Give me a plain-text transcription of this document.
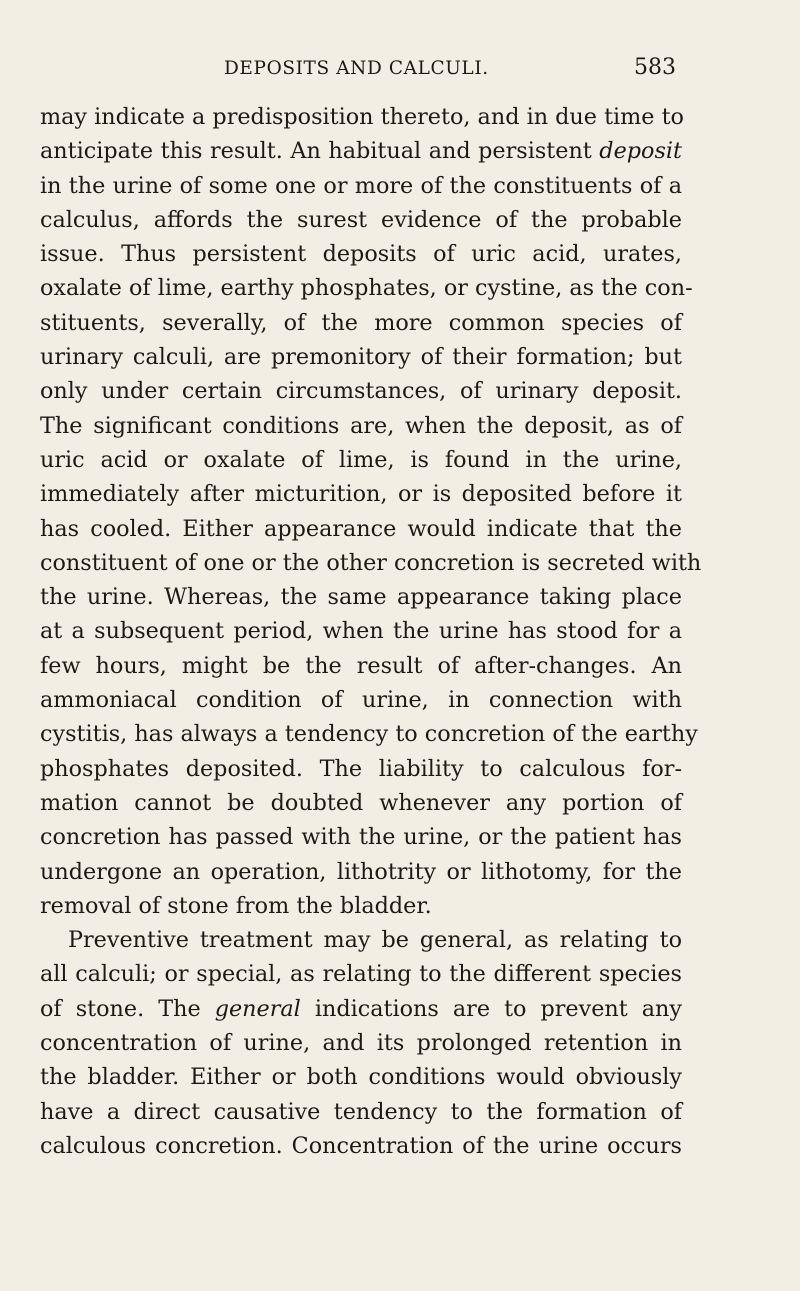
DEPOSITS AND CALCULI.	583
may indicate a predisposition thereto, and in due time to
anticipate this result. An habitual and persistent deposit
in the urine of some one or more of the constituents of a
calculus, affords the surest evidence of the probable
issue. Thus persistent deposits of uric acid, urates,
oxalate of lime, earthy phosphates, or cystine, as the con-
stituents, severally, of the more common species of
urinary calculi, are premonitory of their formation; but
only under certain circumstances, of urinary deposit.
The significant conditions are, when the deposit, as of
uric acid or oxalate of lime, is found in the urine,
immediately after micturition, or is deposited before it
has cooled. Either appearance would indicate that the
constituent of one or the other concretion is secreted with
the urine. Whereas, the same appearance taking place
at a subsequent period, when the urine has stood for a
few hours, might be the result of after-changes. An
ammoniacal condition of urine, in connection with
cystitis, has always a tendency to concretion of the earthy
phosphates deposited. The liability to calculous for-
mation cannot be doubted whenever any portion of
concretion has passed with the urine, or the patient has
undergone an operation, lithotrity or lithotomy, for the
removal of stone from the bladder.
Preventive treatment may be general, as relating to
all calculi; or special, as relating to the different species
of stone. The general indications are to prevent any
concentration of urine, and its prolonged retention in
the bladder. Either or both conditions would obviously
have a direct causative tendency to the formation of
calculous concretion. Concentration of the urine occurs
